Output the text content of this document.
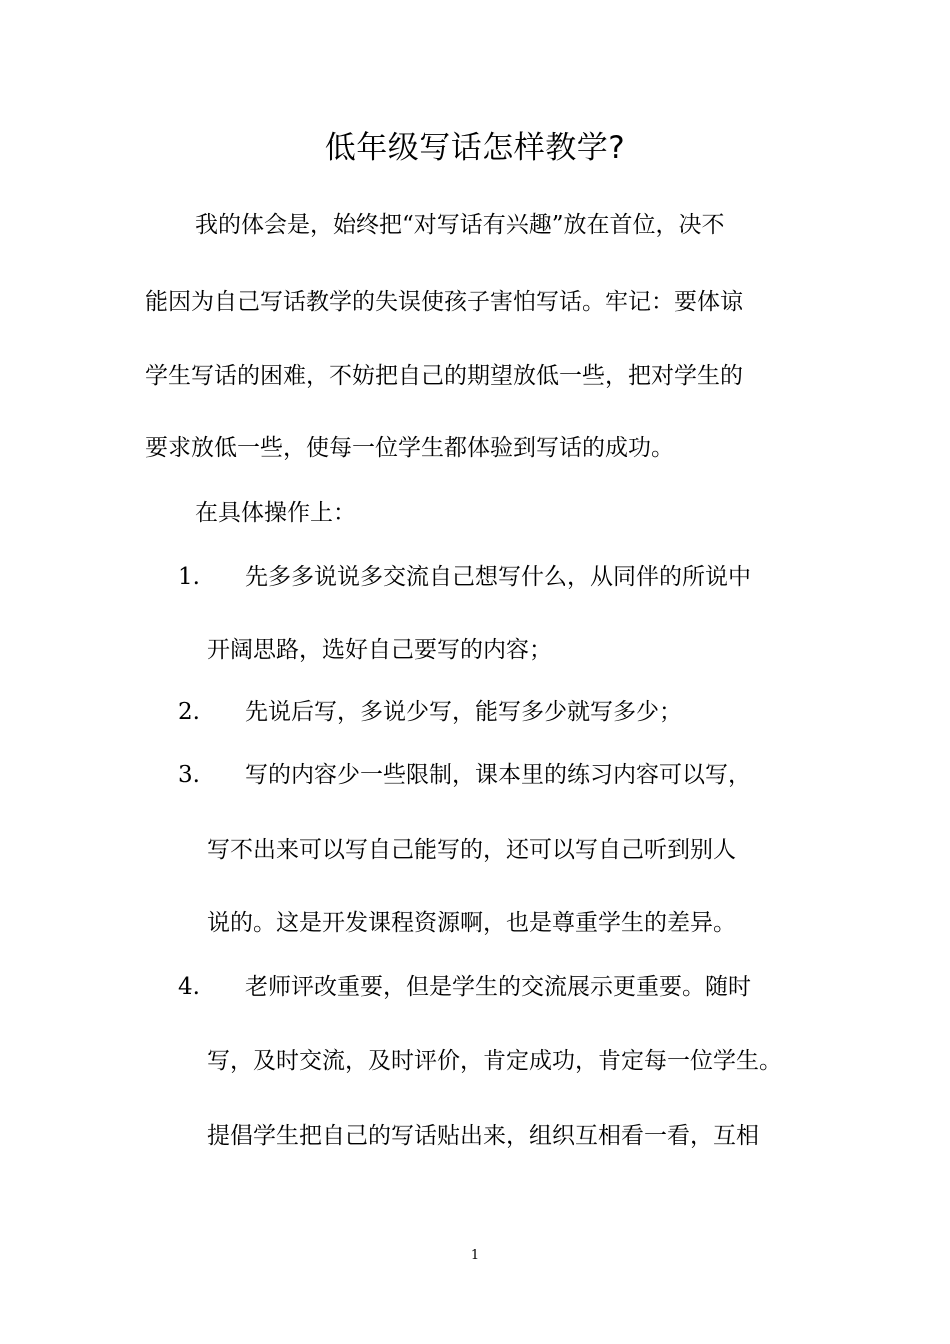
低年级写话怎样教学?
我的体会是，始终把“对写话有兴趣”放在首位，决不
能因为自己写话教学的失误使孩子害怕写话。牢记：要体谅
学生写话的困难，不妨把自己的期望放低一些，把对学生的
要求放低一些，使每一位学生都体验到写话的成功。
在具体操作上：
1. 先多多说说多交流自己想写什么，从同伴的所说中
开阔思路，选好自己要写的内容；
2. 先说后写，多说少写，能写多少就写多少；
3. 写的内容少一些限制，课本里的练习内容可以写，
写不出来可以写自己能写的，还可以写自己听到别人
说的。这是开发课程资源啊，也是尊重学生的差异。
4. 老师评改重要，但是学生的交流展示更重要。随时
写，及时交流，及时评价，肯定成功，肯定每一位学生。
提倡学生把自己的写话贴出来，组织互相看一看，互相
1
